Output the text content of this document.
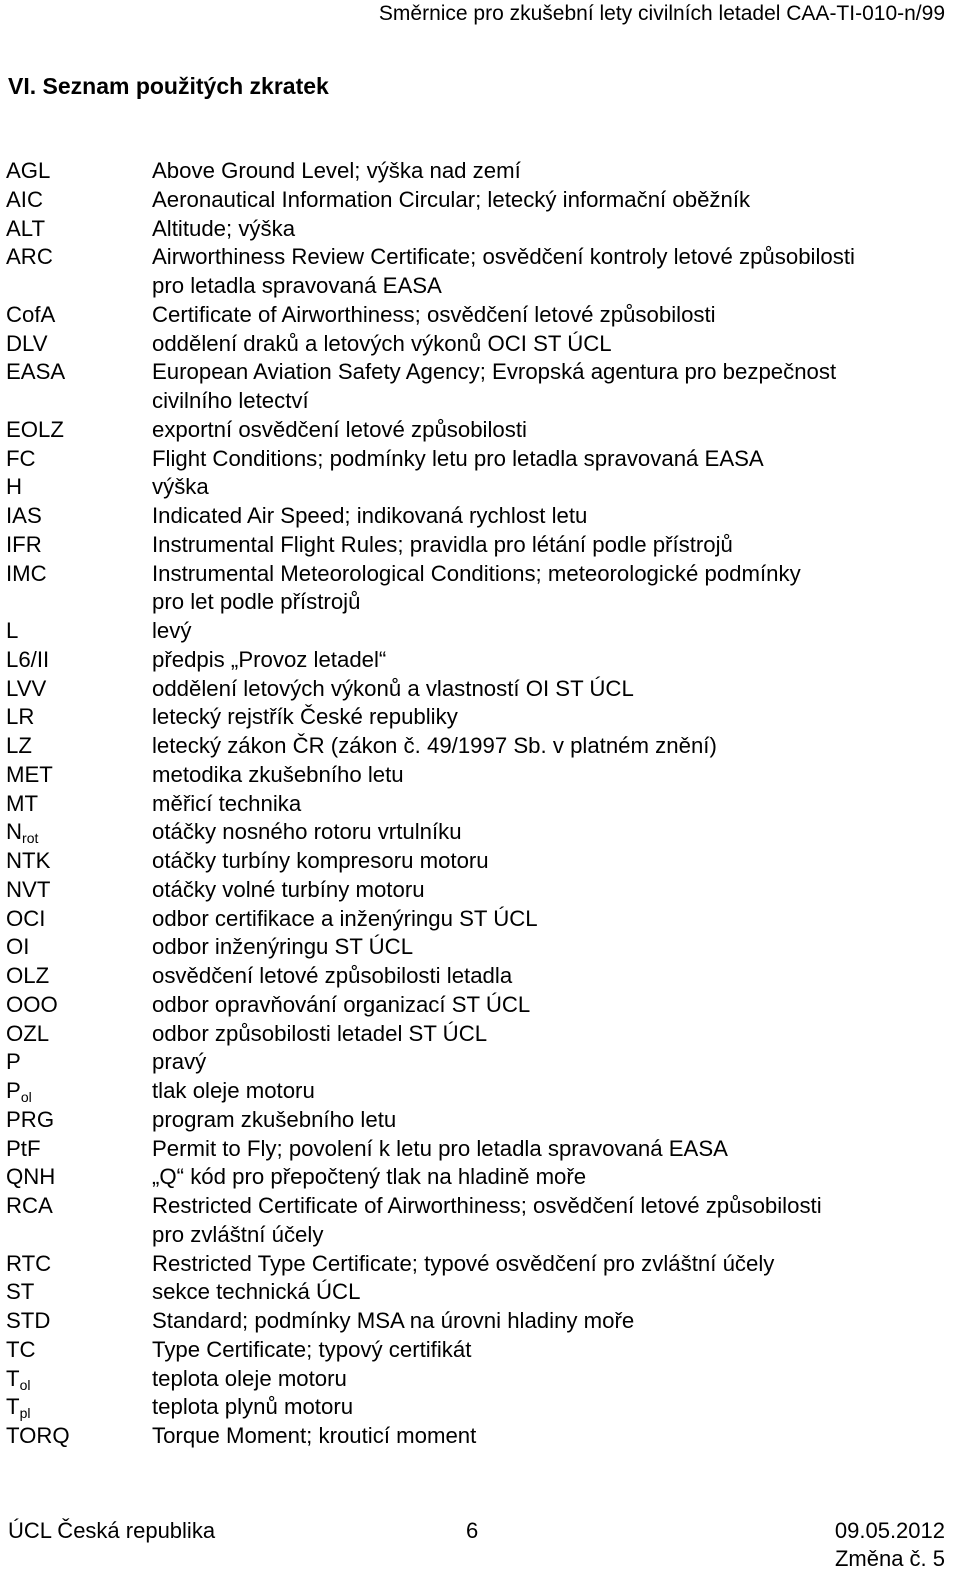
Směrnice pro zkušební lety civilních letadel CAA-TI-010-n/99
VI. Seznam použitých zkratek
AGL	Above Ground Level; výška nad zemí
AIC	Aeronautical Information Circular; letecký informační oběžník
ALT	Altitude; výška
ARC	Airworthiness Review Certificate; osvědčení kontroly letové způsobilosti
pro letadla spravovaná EASA
CofA	Certificate of Airworthiness; osvědčení letové způsobilosti
DLV	oddělení draků a letových výkonů OCI ST ÚCL
EASA	European Aviation Safety Agency; Evropská agentura pro bezpečnost
civilního letectví
EOLZ	exportní osvědčení letové způsobilosti
FC	Flight Conditions; podmínky letu pro letadla spravovaná EASA
H	výška
IAS	Indicated Air Speed; indikovaná rychlost letu
IFR	Instrumental Flight Rules; pravidla pro létání podle přístrojů
IMC	Instrumental Meteorological Conditions; meteorologické podmínky
pro let podle přístrojů
L	levý
L6/II	předpis „Provoz letadel“
LVV	oddělení letových výkonů a vlastností OI ST ÚCL
LR	letecký rejstřík České republiky
LZ	letecký zákon ČR (zákon č. 49/1997 Sb. v platném znění)
MET	metodika zkušebního letu
MT	měřicí technika
$N_{rot}$	otáčky nosného rotoru vrtulníku
NTK	otáčky turbíny kompresoru motoru
NVT	otáčky volné turbíny motoru
OCI	odbor certifikace a inženýringu ST ÚCL
OI	odbor inženýringu ST ÚCL
OLZ	osvědčení letové způsobilosti letadla
OOO	odbor opravňování organizací ST ÚCL
OZL	odbor způsobilosti letadel ST ÚCL
P	pravý
$P_{ol}$	tlak oleje motoru
PRG	program zkušebního letu
PtF	Permit to Fly; povolení k letu pro letadla spravovaná EASA
QNH	„Q“ kód pro přepočtený tlak na hladině moře
RCA	Restricted Certificate of Airworthiness; osvědčení letové způsobilosti
pro zvláštní účely
RTC	Restricted Type Certificate; typové osvědčení pro zvláštní účely
ST	sekce technická ÚCL
STD	Standard; podmínky MSA na úrovni hladiny moře
TC	Type Certificate; typový certifikát
$T_{ol}$	teplota oleje motoru
$T_{pl}$	teplota plynů motoru
TORQ	Torque Moment; krouticí moment
ÚCL Česká republika	6	09.05.2012
Změna č. 5
